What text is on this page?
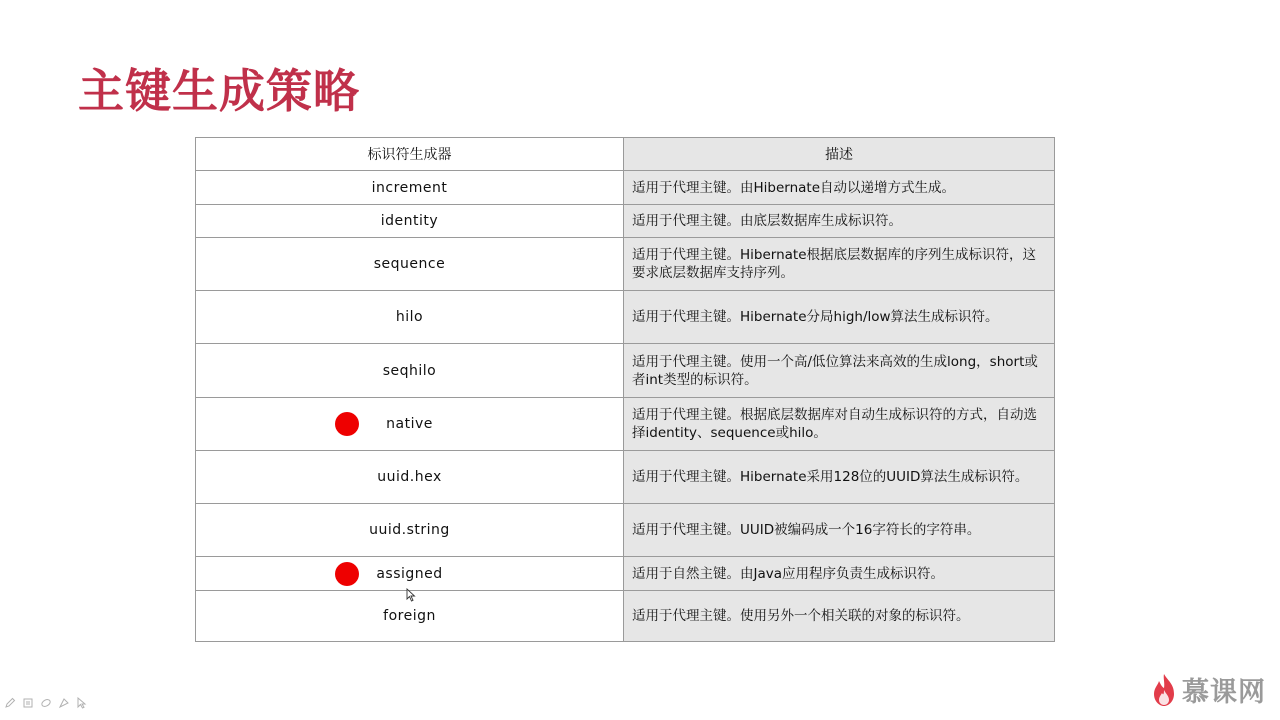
主键生成策略
标识符生成器	描述
increment	适用于代理主键。由Hibernate自动以递增方式生成。
identity	适用于代理主键。由底层数据库生成标识符。
sequence	适用于代理主键。Hibernate根据底层数据库的序列生成标识符，这要求底层数据库支持序列。
hilo	适用于代理主键。Hibernate分局high/low算法生成标识符。
seqhilo	适用于代理主键。使用一个高/低位算法来高效的生成long，short或者int类型的标识符。

native	适用于代理主键。根据底层数据库对自动生成标识符的方式，自动选择identity、sequence或hilo。
uuid.hex	适用于代理主键。Hibernate采用128位的UUID算法生成标识符。
uuid.string	适用于代理主键。UUID被编码成一个16字符长的字符串。

assigned	适用于自然主键。由Java应用程序负责生成标识符。
foreign	适用于代理主键。使用另外一个相关联的对象的标识符。
慕课网
